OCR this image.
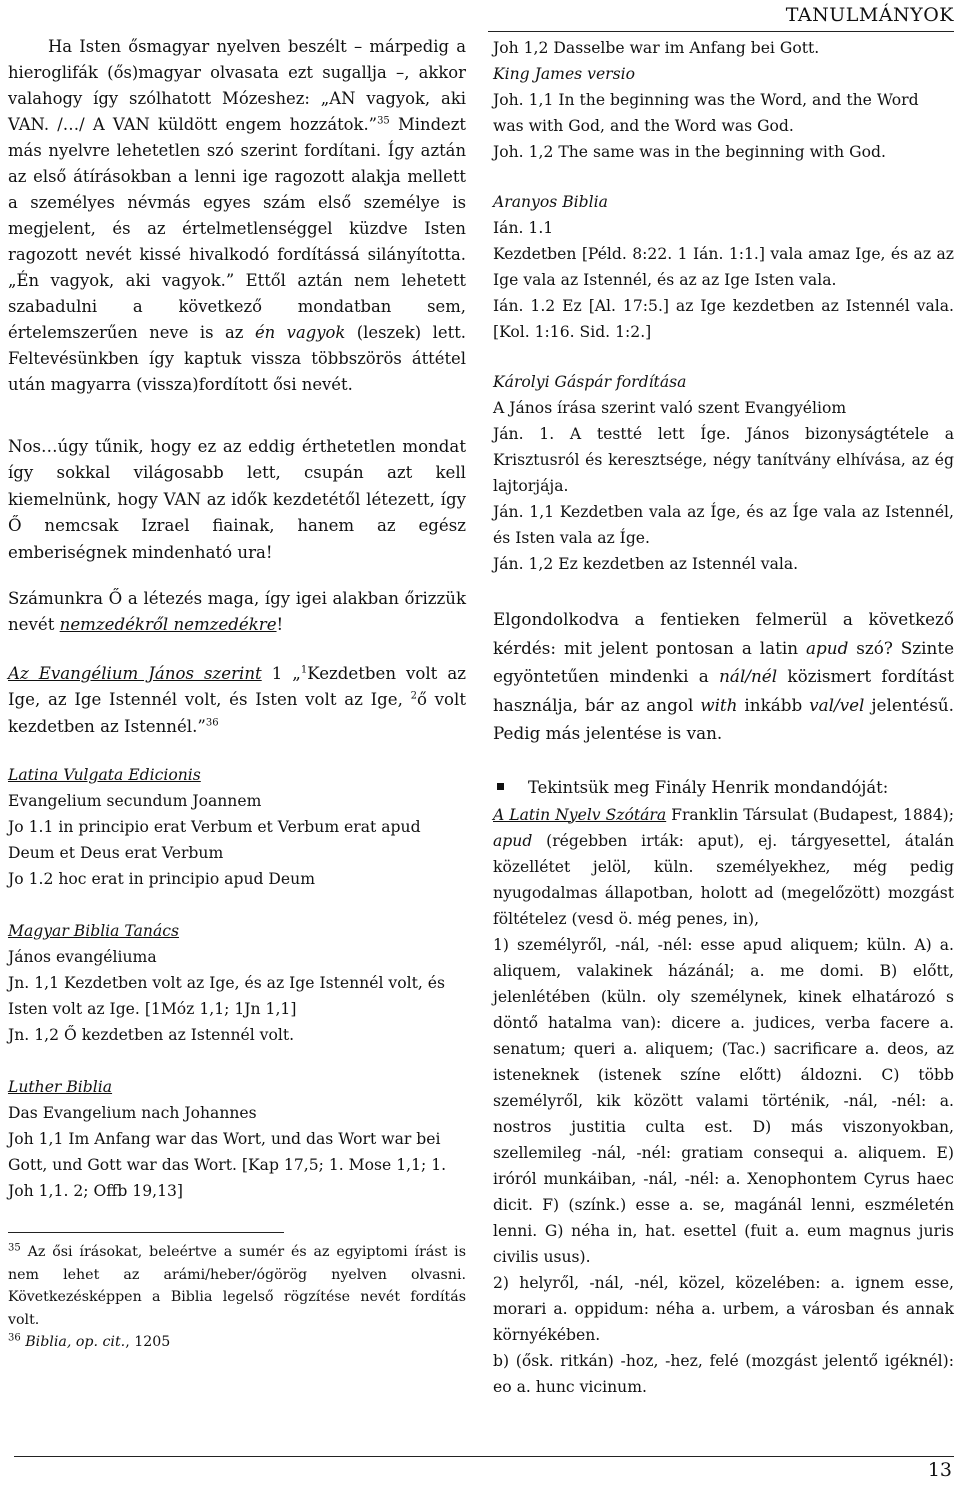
TANULMÁNYOK

Ha Isten ősmagyar nyelven beszélt – márpedig a hieroglifák (ős)magyar olvasata ezt sugallja –, akkor valahogy így szólhatott Mózeshez: „AN vagyok, aki VAN. /…/ A VAN küldött engem hozzátok.”$^{35}$ Mindezt más nyelvre lehetetlen szó szerint fordítani. Így aztán az első átírásokban a lenni ige ragozott alakja mellett a személyes névmás egyes szám első személye is megjelent, és az értelmetlenséggel küzdve Isten ragozott nevét kissé hivalkodó fordítássá silányította. „Én vagyok, aki vagyok.” Ettől aztán nem lehetett szabadulni a következő mondatban sem, értelemszerűen neve is az én vagyok (leszek) lett. Feltevésünkben így kaptuk vissza többszörös áttétel után magyarra (vissza)fordított ősi nevét.

Nos…úgy tűnik, hogy ez az eddig érthetetlen mondat így sokkal világosabb lett, csupán azt kell kiemelnünk, hogy VAN az idők kezdetétől létezett, így Ő nemcsak Izrael fiainak, hanem az egész emberiségnek mindenható ura!

Számunkra Ő a létezés maga, így igei alakban őrizzük nevét nemzedékről nemzedékre!

Az Evangélium János szerint 1 „$^1$Kezdetben volt az Ige, az Ige Istennél volt, és Isten volt az Ige, $^2$ő volt kezdetben az Istennél.”$^{36}$

Latina Vulgata Edicionis
Evangelium secundum Joannem
Jo 1.1 in principio erat Verbum et Verbum erat apud Deum et Deus erat Verbum
Jo 1.2 hoc erat in principio apud Deum
Magyar Biblia Tanács
János evangéliuma
Jn. 1,1 Kezdetben volt az Ige, és az Ige Istennél volt, és Isten volt az Ige. [1Móz 1,1; 1Jn 1,1]
Jn. 1,2 Ő kezdetben az Istennél volt.
Luther Biblia
Das Evangelium nach Johannes
Joh 1,1 Im Anfang war das Wort, und das Wort war bei Gott, und Gott war das Wort. [Kap 17,5; 1. Mose 1,1; 1. Joh 1,1. 2; Offb 19,13]

$^{35}$ Az ősi írásokat, beleértve a sumér és az egyiptomi írást is nem lehet az arámi/heber/ógörög nyelven olvasni. Következésképpen a Biblia legelső rögzítése nevét fordítás volt.

$^{36}$ Biblia, op. cit., 1205

Joh 1,2 Dasselbe war im Anfang bei Gott.
King James versio
Joh. 1,1 In the beginning was the Word, and the Word was with God, and the Word was God.
Joh. 1,2 The same was in the beginning with God.
Aranyos Biblia
Ián. 1.1
Kezdetben [Péld. 8:22. 1 Ián. 1:1.] vala amaz Ige, és az az Ige vala az Istennél, és az az Ige Isten vala.
Ián. 1.2 Ez [Al. 17:5.] az Ige kezdetben az Istennél vala. [Kol. 1:16. Sid. 1:2.]
Károlyi Gáspár fordítása
A János írása szerint való szent Evangyéliom
Ján. 1. A testté lett Íge. János bizonyságtétele a Krisztusról és keresztsége, négy tanítvány elhívása, az ég lajtorjája.
Ján. 1,1 Kezdetben vala az Íge, és az Íge vala az Istennél, és Isten vala az Íge.
Ján. 1,2 Ez kezdetben az Istennél vala.

Elgondolkodva a fentieken felmerül a következő kérdés: mit jelent pontosan a latin apud szó? Szinte egyöntetűen mindenki a nál/nél közismert fordítást használja, bár az angol with inkább val/vel jelentésű. Pedig más jelentése is van.

Tekintsük meg Finály Henrik mondandóját:

A Latin Nyelv Szótára Franklin Társulat (Budapest, 1884); apud (régebben irták: aput), ej. tárgyesettel, átalán közellétet jelöl, küln. személyekhez, még pedig nyugodalmas állapotban, holott ad (megelőzött) mozgást föltételez (vesd ö. még penes, in),

1) személyről, -nál, -nél: esse apud aliquem; küln. A) a. aliquem, valakinek házánál; a. me domi. B) előtt, jelenlétében (küln. oly személynek, kinek elhatározó s döntő hatalma van): dicere a. judices, verba facere a. senatum; queri a. aliquem; (Tac.) sacrificare a. deos, az isteneknek (istenek színe előtt) áldozni. C) több személyről, kik között valami történik, -nál, -nél: a. nostros justitia culta est. D) más viszonyokban, szellemileg -nál, -nél: gratiam consequi a. aliquem. E) iróról munkáiban, -nál, -nél: a. Xenophontem Cyrus haec dicit. F) (színk.) esse a. se, magánál lenni, eszméletén lenni. G) néha in, hat. esettel (fuit a. eum magnus juris civilis usus).

2) helyről, -nál, -nél, közel, közelében: a. ignem esse, morari a. oppidum: néha a. urbem, a városban és annak környékében.

b) (ősk. ritkán) -hoz, -hez, felé (mozgást jelentő igéknél): eo a. hunc vicinum.

13
